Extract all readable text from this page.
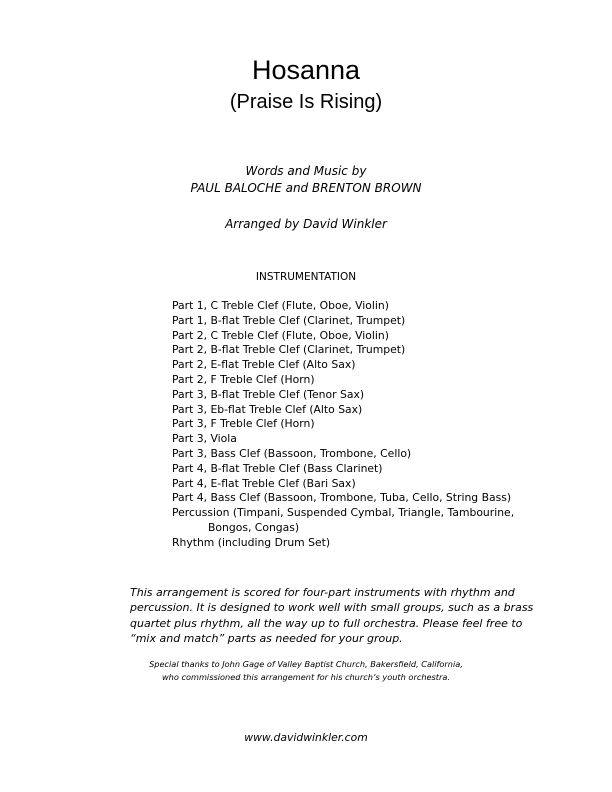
Hosanna
(Praise Is Rising)
Words and Music by
PAUL BALOCHE and BRENTON BROWN
Arranged by David Winkler
INSTRUMENTATION
Part 1, C Treble Clef (Flute, Oboe, Violin)
Part 1, B-flat Treble Clef (Clarinet, Trumpet)
Part 2, C Treble Clef (Flute, Oboe, Violin)
Part 2, B-flat Treble Clef (Clarinet, Trumpet)
Part 2, E-flat Treble Clef (Alto Sax)
Part 2, F Treble Clef (Horn)
Part 3, B-flat Treble Clef (Tenor Sax)
Part 3, Eb-flat Treble Clef (Alto Sax)
Part 3, F Treble Clef (Horn)
Part 3, Viola
Part 3, Bass Clef (Bassoon, Trombone, Cello)
Part 4, B-flat Treble Clef (Bass Clarinet)
Part 4, E-flat Treble Clef (Bari Sax)
Part 4, Bass Clef (Bassoon, Trombone, Tuba, Cello, String Bass)
Percussion (Timpani, Suspended Cymbal, Triangle, Tambourine,
Bongos, Congas)
Rhythm (including Drum Set)
This arrangement is scored for four-part instruments with rhythm and
percussion. It is designed to work well with small groups, such as a brass
quartet plus rhythm, all the way up to full orchestra. Please feel free to
“mix and match” parts as needed for your group.
Special thanks to John Gage of Valley Baptist Church, Bakersfield, California,
who commissioned this arrangement for his church’s youth orchestra.
www.davidwinkler.com
